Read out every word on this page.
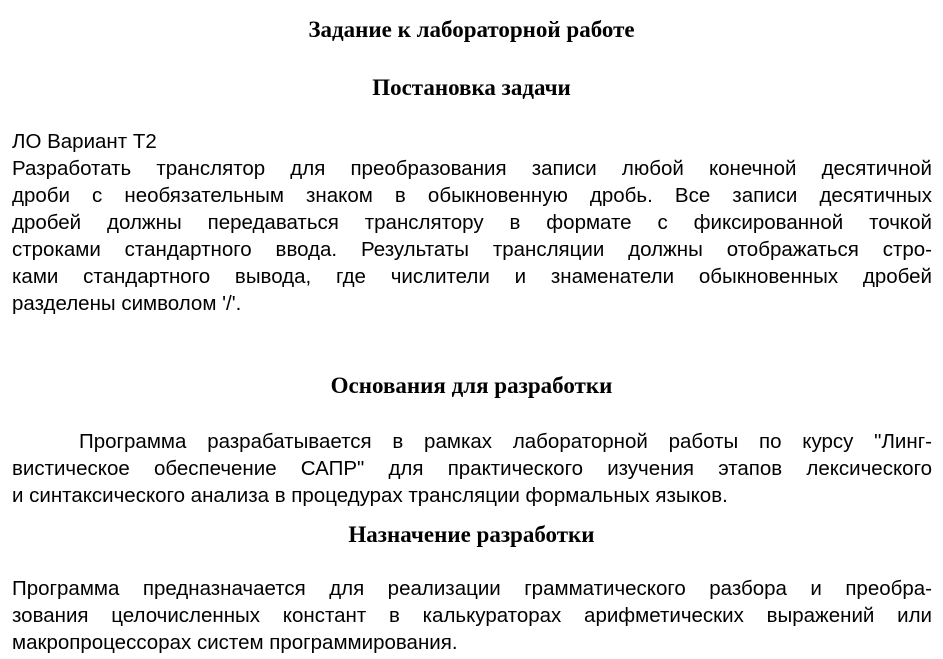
Задание к лабораторной работе
Постановка задачи
ЛО Вариант Т2
Разработать транслятор для преобразования записи любой конечной десятичной
дроби с необязательным знаком в обыкновенную дробь. Все записи десятичных
дробей должны передаваться транслятору в формате с фиксированной точкой
строками стандартного ввода. Результаты трансляции должны отображаться стро-
ками стандартного вывода, где числители и знаменатели обыкновенных дробей
разделены символом '/'.
Основания для разработки
Программа разрабатывается в рамках лабораторной работы по курсу "Линг-
вистическое обеспечение САПР" для практического изучения этапов лексического
и синтаксического анализа в процедурах трансляции формальных языков.
Назначение разработки
Программа предназначается для реализации грамматического разбора и преобра-
зования целочисленных констант в калькураторах арифметических выражений или
макропроцессорах систем программирования.
